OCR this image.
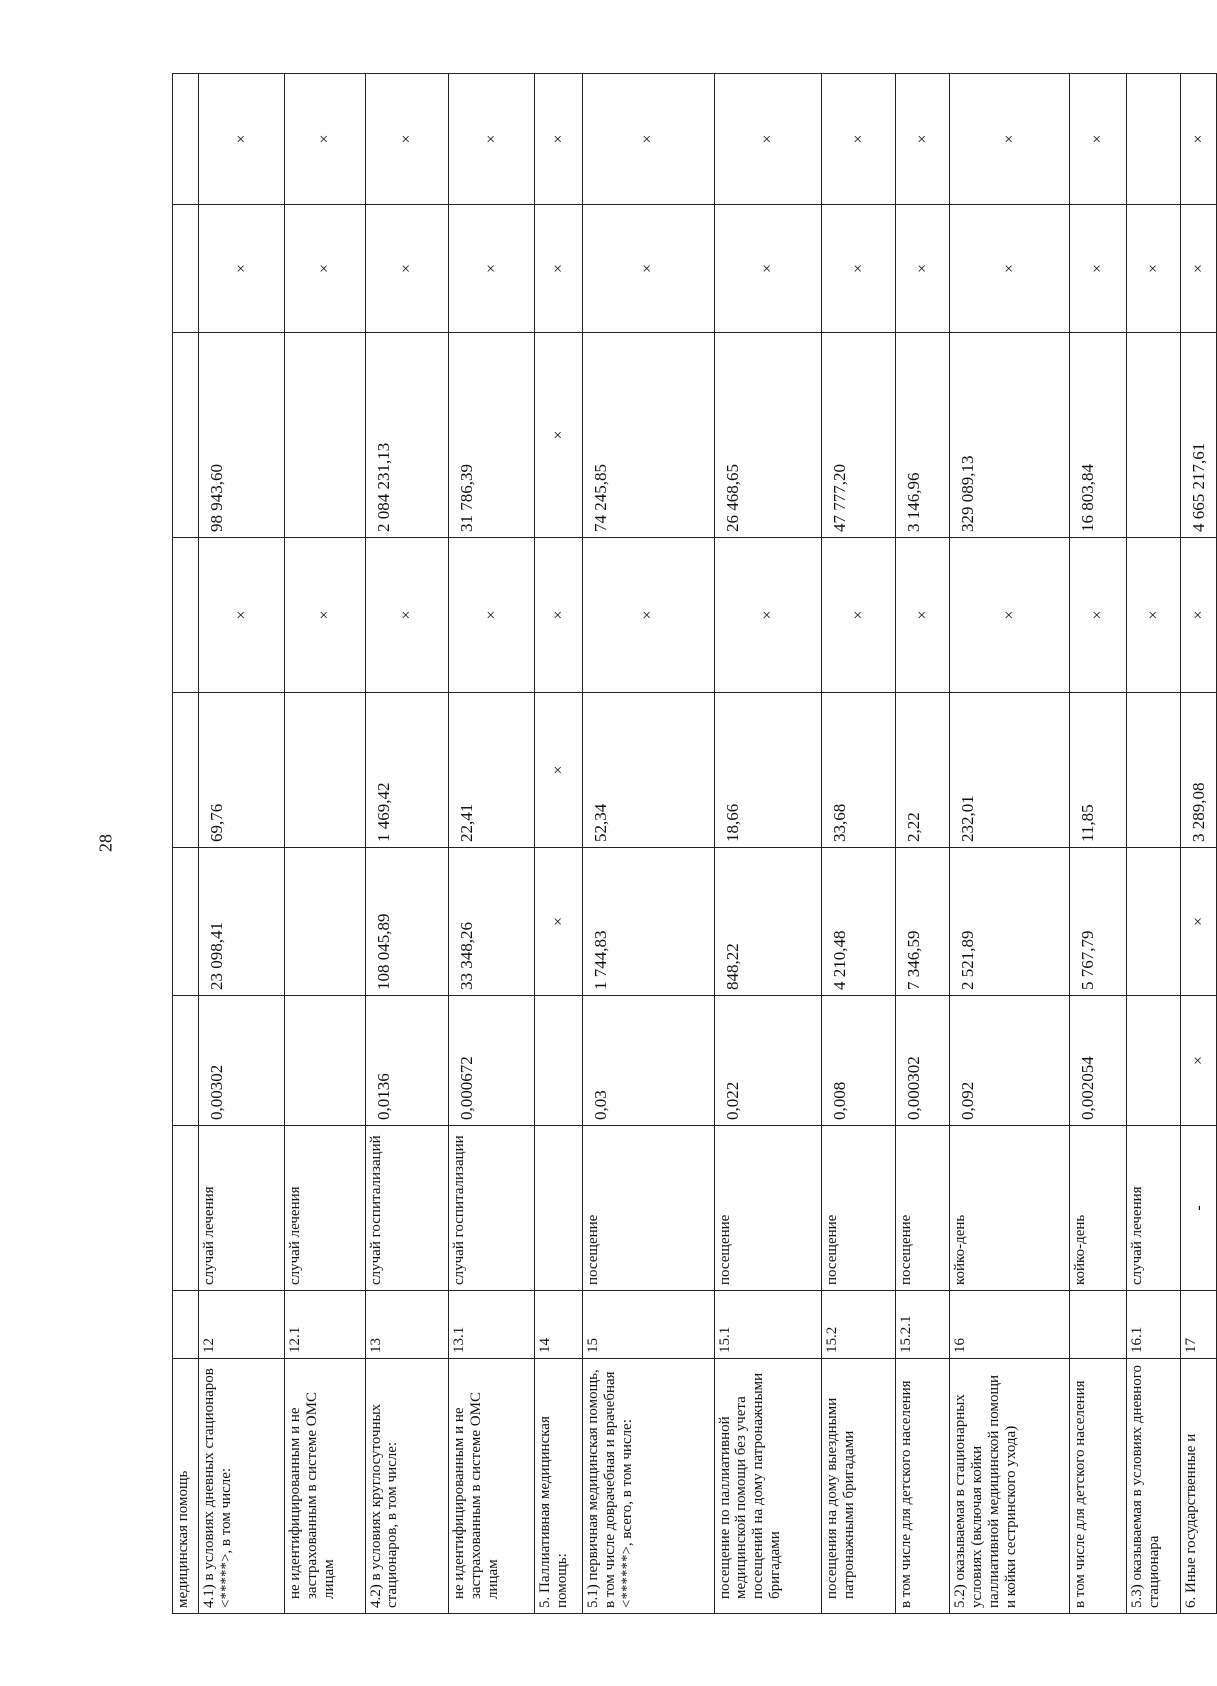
28
медицинская помощь									
4.1) в условиях дневных стационаров <*****>, в том числе:	12	случай лечения	0,00302	23 098,41	69,76	×	98 943,60	×	×
не идентифицированным и не застрахованным в системе ОМС лицам	12.1	случай лечения				×		×	×
4.2) в условиях круглосуточных стационаров, в том числе:	13	случай госпитализаций	0,0136	108 045,89	1 469,42	×	2 084 231,13	×	×
не идентифицированным и не застрахованным в системе ОМС лицам	13.1	случай госпитализации	0,000672	33 348,26	22,41	×	31 786,39	×	×
5. Паллиативная медицинская помощь:	14			×	×	×	×	×	×
5.1) первичная медицинская помощь, в том числе доврачебная и врачебная <******>, всего, в том числе:	15	посещение	0,03	1 744,83	52,34	×	74 245,85	×	×
посещение по паллиативной медицинской помощи без учета посещений на дому патронажными бригадами	15.1	посещение	0,022	848,22	18,66	×	26 468,65	×	×
посещения на дому выездными патронажными бригадами	15.2	посещение	0,008	4 210,48	33,68	×	47 777,20	×	×
в том числе для детского населения	15.2.1	посещение	0,000302	7 346,59	2,22	×	3 146,96	×	×
5.2) оказываемая в стационарных условиях (включая койки паллиативной медицинской помощи и койки сестринского ухода)	16	койко-день	0,092	2 521,89	232,01	×	329 089,13	×	×
в том числе для детского населения		койко-день	0,002054	5 767,79	11,85	×	16 803,84	×	×
5.3) оказываемая в условиях дневного стационара	16.1	случай лечения				×		×	
6. Иные государственные и	17	-	×	×	3 289,08	×	4 665 217,61	×	×
